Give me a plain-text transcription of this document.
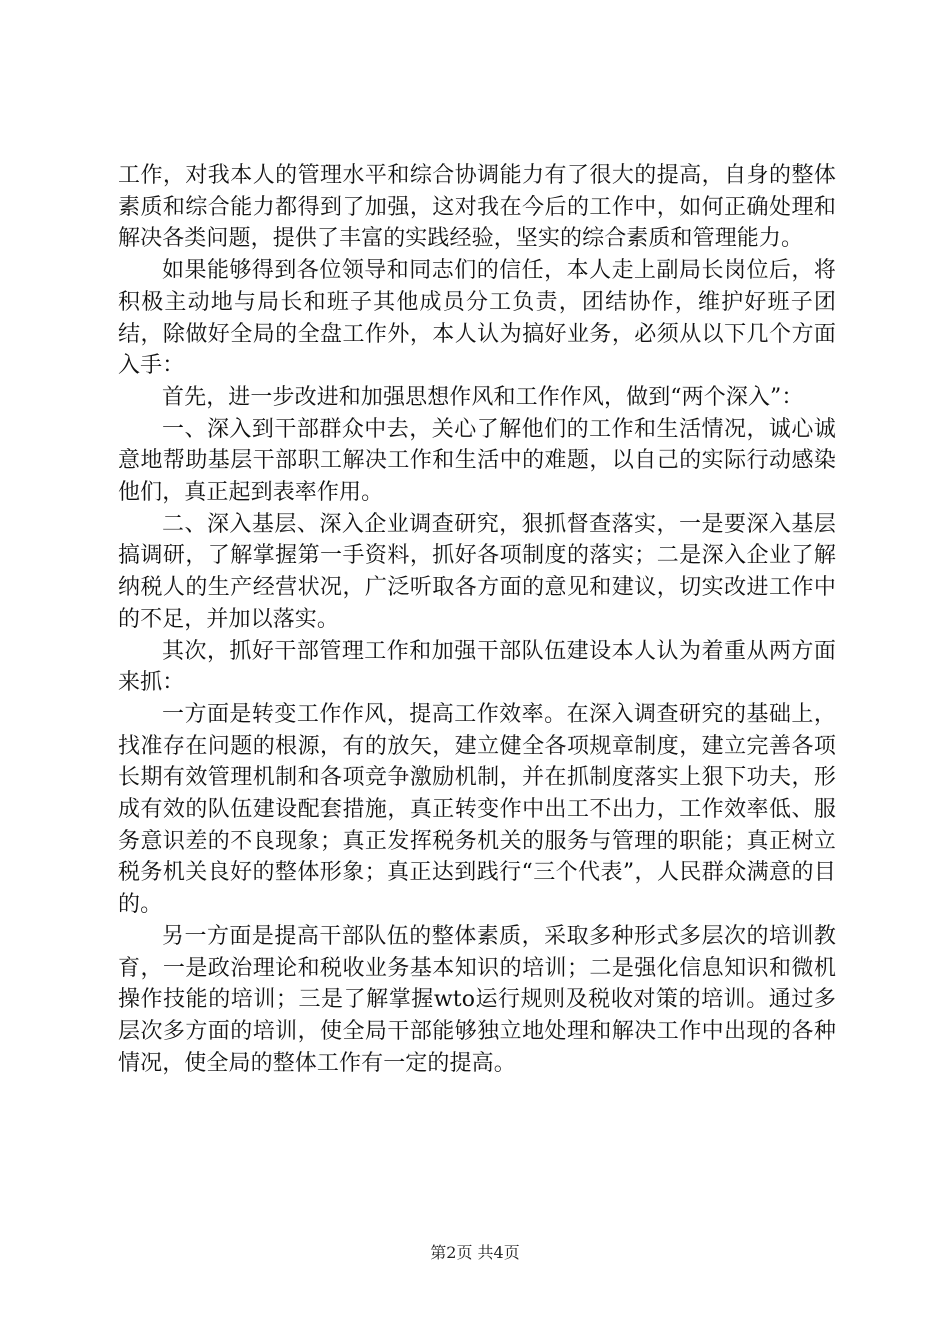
工作，对我本人的管理水平和综合协调能力有了很大的提高，自身的整体素质和综合能力都得到了加强，这对我在今后的工作中，如何正确处理和解决各类问题，提供了丰富的实践经验，坚实的综合素质和管理能力。

如果能够得到各位领导和同志们的信任，本人走上副局长岗位后，将积极主动地与局长和班子其他成员分工负责，团结协作，维护好班子团结，除做好全局的全盘工作外，本人认为搞好业务，必须从以下几个方面入手：

首先，进一步改进和加强思想作风和工作作风，做到“两个深入”：

一、深入到干部群众中去，关心了解他们的工作和生活情况，诚心诚意地帮助基层干部职工解决工作和生活中的难题，以自己的实际行动感染他们，真正起到表率作用。

二、深入基层、深入企业调查研究，狠抓督查落实，一是要深入基层搞调研，了解掌握第一手资料，抓好各项制度的落实；二是深入企业了解纳税人的生产经营状况，广泛听取各方面的意见和建议，切实改进工作中的不足，并加以落实。

其次，抓好干部管理工作和加强干部队伍建设本人认为着重从两方面来抓：

一方面是转变工作作风，提高工作效率。在深入调查研究的基础上，找准存在问题的根源，有的放矢，建立健全各项规章制度，建立完善各项长期有效管理机制和各项竞争激励机制，并在抓制度落实上狠下功夫，形成有效的队伍建设配套措施，真正转变作中出工不出力，工作效率低、服务意识差的不良现象；真正发挥税务机关的服务与管理的职能；真正树立税务机关良好的整体形象；真正达到践行“三个代表”，人民群众满意的目的。

另一方面是提高干部队伍的整体素质，采取多种形式多层次的培训教育，一是政治理论和税收业务基本知识的培训；二是强化信息知识和微机操作技能的培训；三是了解掌握wto运行规则及税收对策的培训。通过多层次多方面的培训，使全局干部能够独立地处理和解决工作中出现的各种情况，使全局的整体工作有一定的提高。

第2页 共4页
